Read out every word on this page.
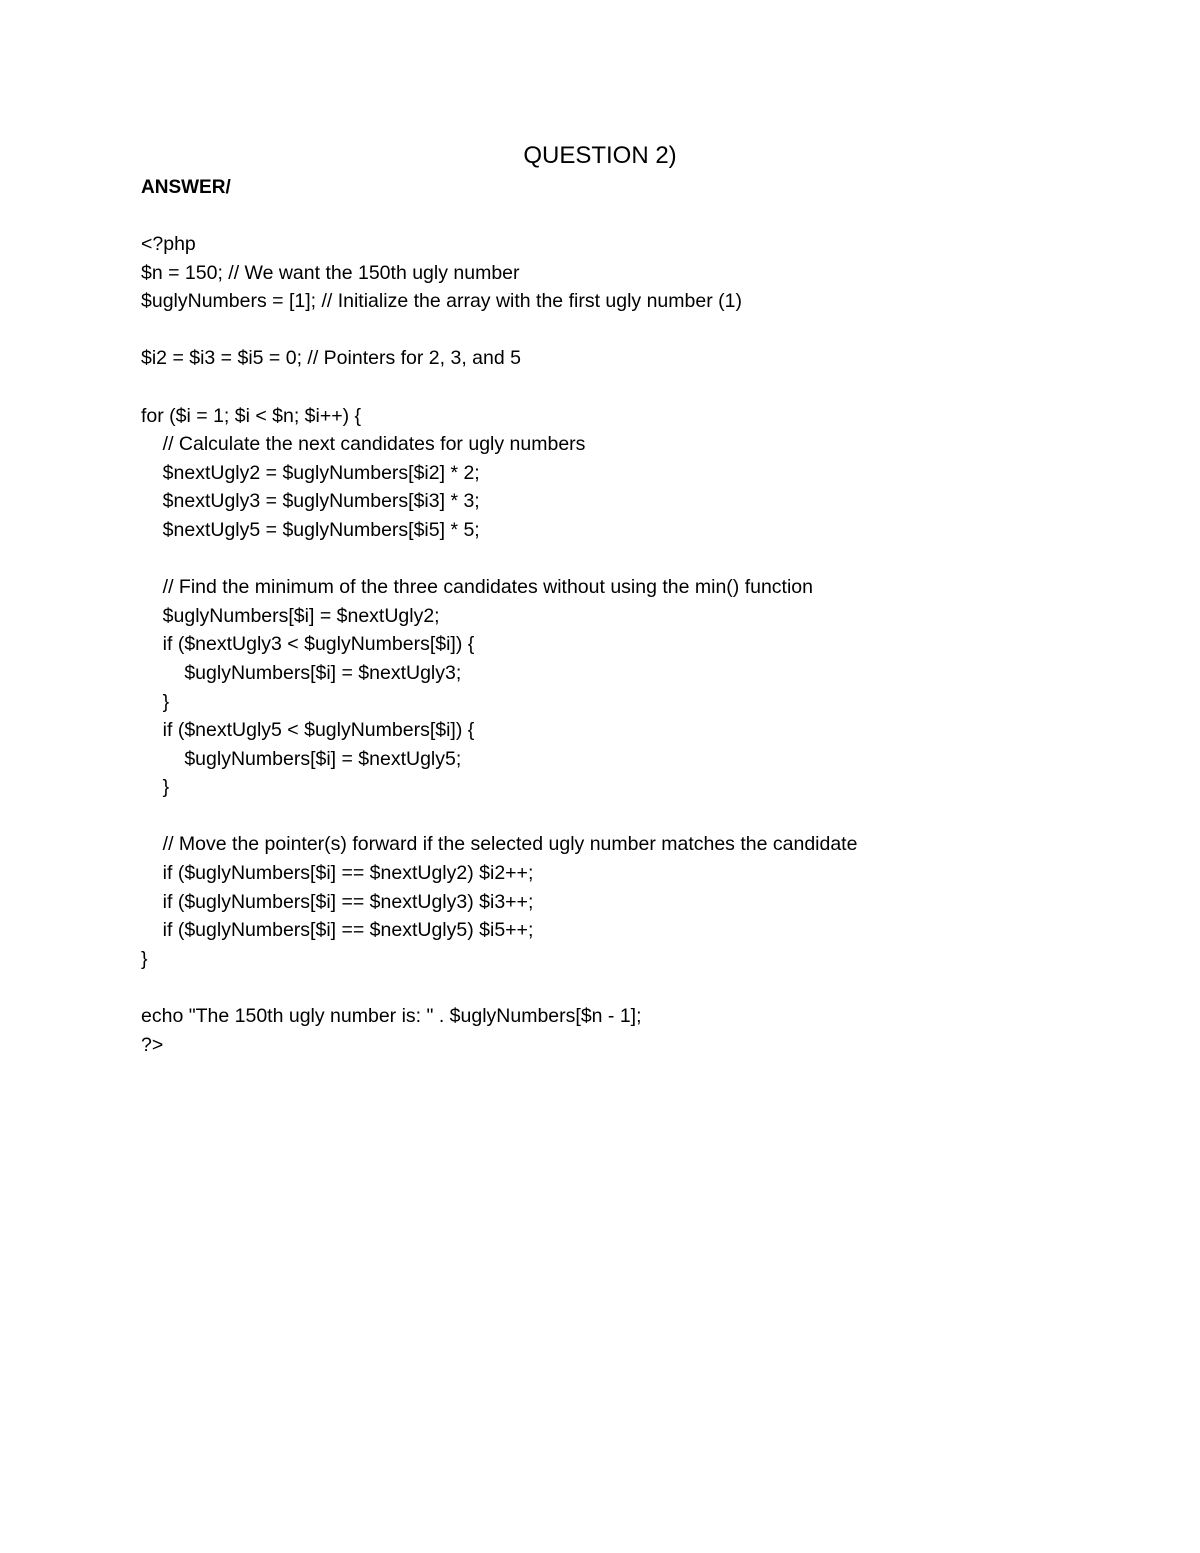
QUESTION 2)
ANSWER/
<?php
$n = 150; // We want the 150th ugly number
$uglyNumbers = [1]; // Initialize the array with the first ugly number (1)
$i2 = $i3 = $i5 = 0; // Pointers for 2, 3, and 5
for ($i = 1; $i < $n; $i++) {
// Calculate the next candidates for ugly numbers
$nextUgly2 = $uglyNumbers[$i2] * 2;
$nextUgly3 = $uglyNumbers[$i3] * 3;
$nextUgly5 = $uglyNumbers[$i5] * 5;
// Find the minimum of the three candidates without using the min() function
$uglyNumbers[$i] = $nextUgly2;
if ($nextUgly3 < $uglyNumbers[$i]) {
$uglyNumbers[$i] = $nextUgly3;
}
if ($nextUgly5 < $uglyNumbers[$i]) {
$uglyNumbers[$i] = $nextUgly5;
}
// Move the pointer(s) forward if the selected ugly number matches the candidate
if ($uglyNumbers[$i] == $nextUgly2) $i2++;
if ($uglyNumbers[$i] == $nextUgly3) $i3++;
if ($uglyNumbers[$i] == $nextUgly5) $i5++;
}
echo "The 150th ugly number is: " . $uglyNumbers[$n - 1];
?>
